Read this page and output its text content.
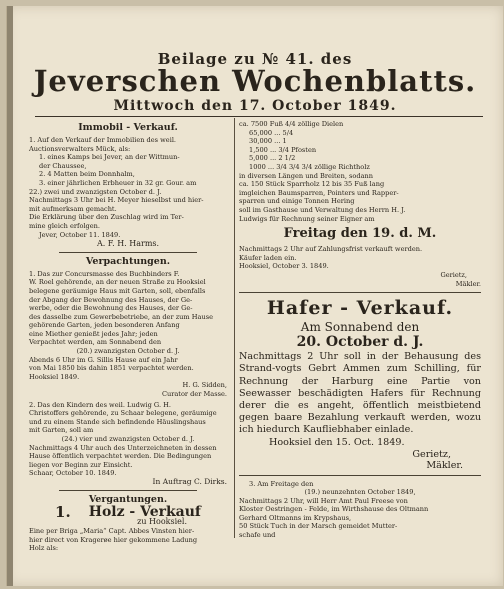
Beilage zu № 41. des
Jeverschen Wochenblatts.
Mittwoch den 17. October 1849.
Immobil - Verkauf.

1. Auf den Verkauf der Immobilien des weil.

Auctionsverwalters Mück, als:

1. eines Kamps bei Jever, an der Wittmun-

der Chaussee,

2. 4 Matten beim Donnhalm,

3. einer jährlichen Erbheuer in 32 gr. Gour. am

22.) zwei und zwanzigsten October d. J.

Nachmittags 3 Uhr bei H. Meyer hieselbst und hier-

mit aufmerksam gemacht.

Die Erklärung über den Zuschlag wird im Ter-

mine gleich erfolgen.

Jever, October 11. 1849.

A. F. H. Harms.

Verpachtungen.

1. Das zur Concursmasse des Buchbinders F.

W. Roel gehörende, an der neuen Straße zu Hooksiel

belegene geräumige Haus mit Garten, soll, ebenfalls

der Abgang der Bewohnung des Hauses, der Ge-

werbe, oder die Bewohnung des Hauses, der Ge-

des dasselbe zum Gewerbebetriebe, an der zum Hause

gehörende Garten, jeden besonderen Anfang

eine Miether genießt jedes Jahr; jeden

Verpachtet werden, am Sonnabend den

(20.) zwanzigsten October d. J.

Abends 6 Uhr im G. Sillis Hause auf ein Jahr

von Mai 1850 bis dahin 1851 verpachtet werden.

Hooksiel 1849.

H. G. Sidden,

Curator der Masse.

2. Das den Kindern des weil. Ludwig G. H.

Christoffers gehörende, zu Schaar belegene, geräumige

und zu einem Stande sich befindende Häuslingshaus

mit Garten, soll am

(24.) vier und zwanzigsten October d. J.

Nachmittags 4 Uhr auch des Unterzeichneten in dessen

Hause öffentlich verpachtet werden. Die Bedingungen

liegen vor Beginn zur Einsicht.

Schaar, October 10. 1849.

In Auftrag C. Dirks.

Vergantungen.
1. Holz - Verkauf

zu Hooksiel.

Eine per Briga „Maria“ Capt. Abbes Vinsten hier-

hier direct von Kragerøe hier gekommene Ladung

Holz als:

ca. 7500 Fuß 4/4 zöllige Dielen

65,000 ... 5/4

30,000 ... 1

1,500 ... 3/4 Pfosten

5,000 ... 2 1/2

1000 ... 3/4 3/4 3/4 zöllige Richtholz

in diversen Längen und Breiten, sodann

ca. 150 Stück Sparrholz 12 bis 35 Fuß lang

imgleichen Baumsparren, Pointers und Rapper-

sparren und einige Tonnen Hering

soll im Gasthause und Verwaltung des Herrn H. J.

Ludwigs für Rechnung seiner Eigner am

Freitag den 19. d. M.

Nachmittags 2 Uhr auf Zahlungsfrist verkauft werden.

Käufer laden ein.

Hooksiel, October 3. 1849.

Gerietz,

Mäkler.

Hafer - Verkauf.
Am Sonnabend den
20. October d. J.

Nachmittags 2 Uhr soll in der Behausung des Strand-vogts Gebrt Ammen zum Schilling, für Rechnung der Harburg eine Partie von Seewasser beschädigten Hafers für Rechnung derer die es angeht, öffentlich meistbietend gegen baare Bezahlung verkauft werden, wozu ich hiedurch Kaufliebhaber einlade.

Hooksiel den 15. Oct. 1849.

Gerietz,

Mäkler.

3. Am Freitage den

(19.) neunzehnten October 1849,

Nachmittags 2 Uhr, will Herr Amt Paul Freese von

Kloster Oestringen - Felde, im Wirthshause des Oltmann

Gerhard Oltmanns im Krypshaus,

50 Stück Tuch in der Marsch gemeidet Mutter-

schafe und
